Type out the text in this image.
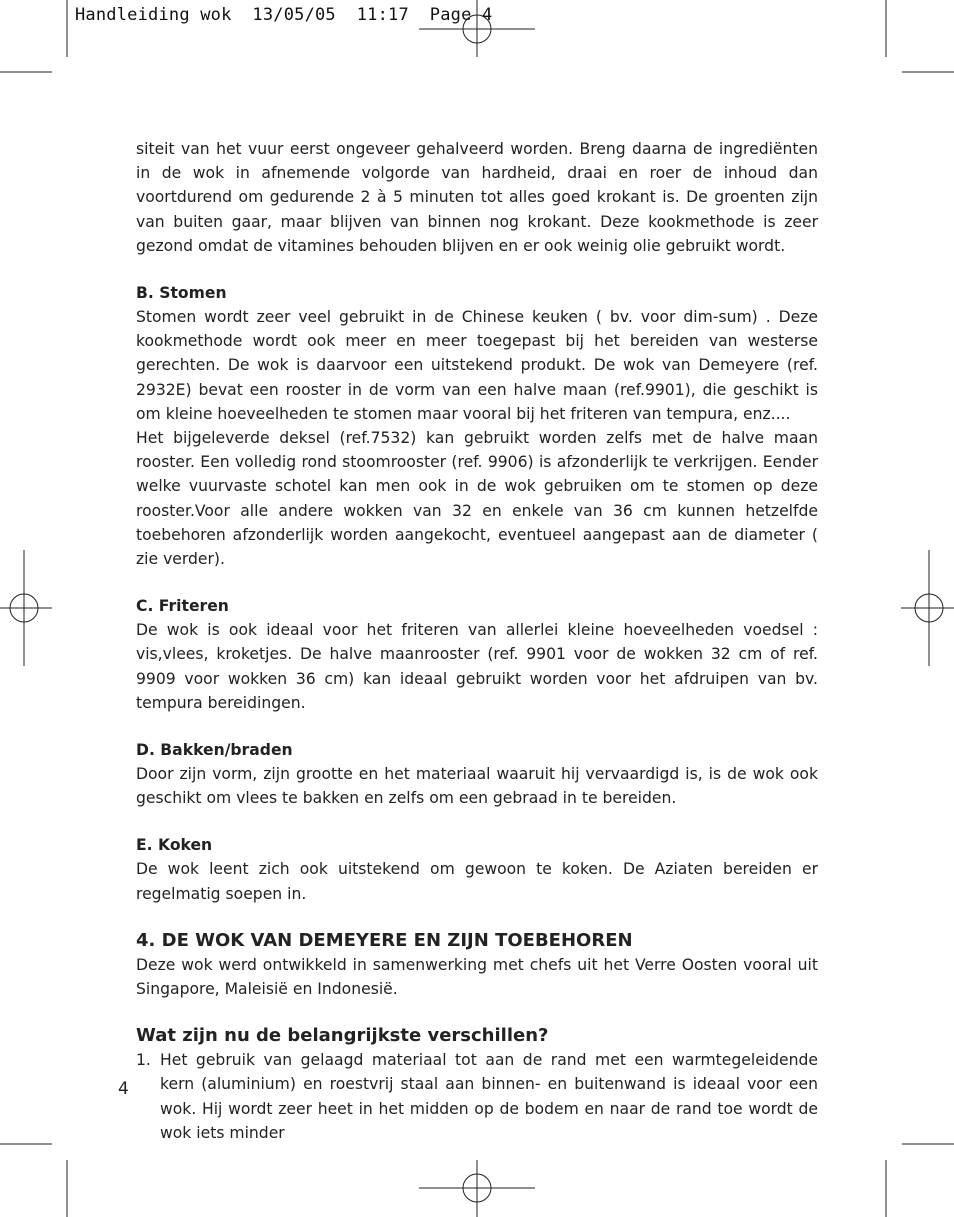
Handleiding wok  13/05/05  11:17  Page 4

siteit van het vuur eerst ongeveer gehalveerd worden. Breng daarna de ingrediënten in de wok in afnemende volgorde van hardheid, draai en roer de inhoud dan voortdurend om gedurende 2 à 5 minuten tot alles goed krokant is. De groenten zijn van buiten gaar, maar blijven van binnen nog krokant. Deze kookmethode is zeer gezond omdat de vitamines behouden blijven en er ook weinig olie gebruikt wordt.

B. Stomen

Stomen wordt zeer veel gebruikt in de Chinese keuken ( bv. voor dim-sum) . Deze kookmethode wordt ook meer en meer toegepast bij het bereiden van westerse gerechten. De wok is daarvoor een uitstekend produkt. De wok van Demeyere (ref. 2932E) bevat een rooster in de vorm van een halve maan (ref.9901), die geschikt is om kleine hoeveelheden te stomen maar vooral bij het friteren van tempura, enz....

Het bijgeleverde deksel (ref.7532) kan gebruikt worden zelfs met de halve maan rooster. Een volledig rond stoomrooster (ref. 9906) is afzonderlijk te verkrijgen. Eender welke vuurvaste schotel kan men ook in de wok gebruiken om te stomen op deze rooster.Voor alle andere wokken van 32 en enkele van 36 cm kunnen hetzelfde toebehoren afzonderlijk worden aangekocht, eventueel aangepast aan de diameter ( zie verder).

C. Friteren

De wok is ook ideaal voor het friteren van allerlei kleine hoeveelheden voedsel : vis,vlees, kroketjes. De halve maanrooster (ref. 9901 voor de wokken 32 cm of ref. 9909 voor wokken 36 cm) kan ideaal gebruikt worden voor het afdruipen van bv. tempura bereidingen.

D. Bakken/braden

Door zijn vorm, zijn grootte en het materiaal waaruit hij vervaardigd is, is de wok ook geschikt om vlees te bakken en zelfs om een gebraad in te bereiden.

E. Koken

De wok leent zich ook uitstekend om gewoon te koken. De Aziaten bereiden er regelmatig soepen in.

4. DE WOK VAN DEMEYERE EN ZIJN TOEBEHOREN

Deze wok werd ontwikkeld in samenwerking met chefs uit het Verre Oosten vooral uit Singapore, Maleisië en Indonesië.

Wat zijn nu de belangrijkste verschillen?
1. Het gebruik van gelaagd materiaal tot aan de rand met een warmtegeleidende kern (aluminium) en roestvrij staal aan binnen- en buitenwand is ideaal voor een wok. Hij wordt zeer heet in het midden op de bodem en naar de rand toe wordt de wok iets minder
4
